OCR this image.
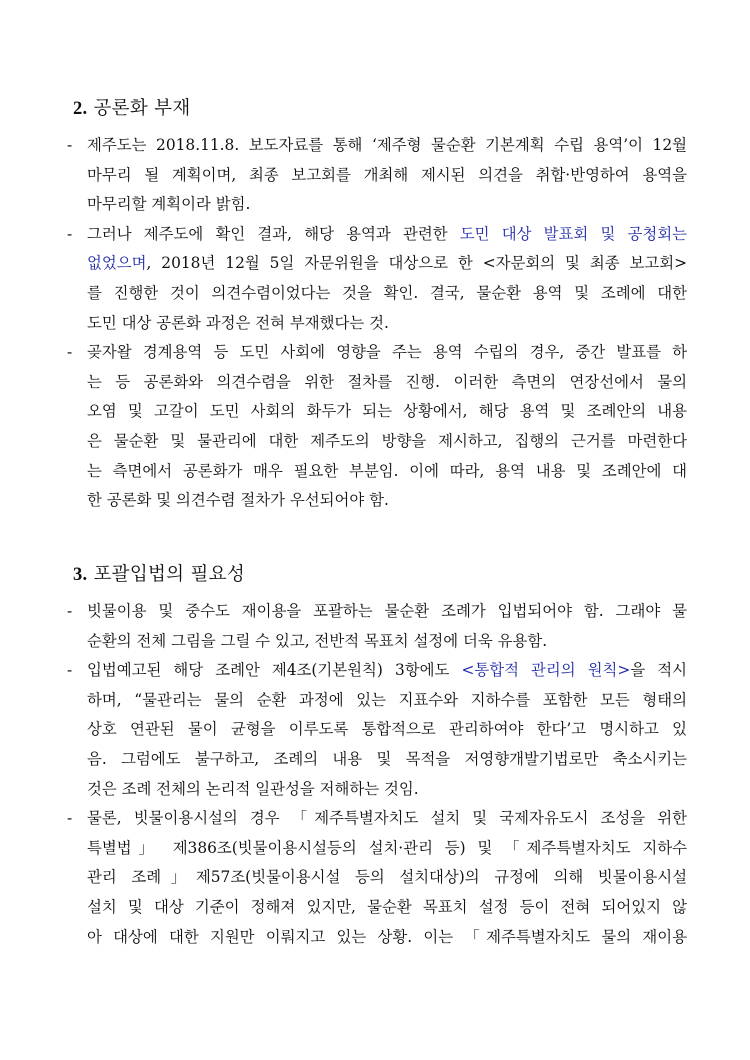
2. 공론화 부재
- 제주도는 2018.11.8. 보도자료를 통해 ‘제주형 물순환 기본계획 수립 용역’이 12월
마무리 될 계획이며, 최종 보고회를 개최해 제시된 의견을 취합·반영하여 용역을
마무리할 계획이라 밝힘.
- 그러나 제주도에 확인 결과, 해당 용역과 관련한 도민 대상 발표회 및 공청회는
없었으며, 2018년 12월 5일 자문위원을 대상으로 한 <자문회의 및 최종 보고회>
를 진행한 것이 의견수렴이었다는 것을 확인. 결국, 물순환 용역 및 조례에 대한
도민 대상 공론화 과정은 전혀 부재했다는 것.
- 곶자왈 경계용역 등 도민 사회에 영향을 주는 용역 수립의 경우, 중간 발표를 하
는 등 공론화와 의견수렴을 위한 절차를 진행. 이러한 측면의 연장선에서 물의
오염 및 고갈이 도민 사회의 화두가 되는 상황에서, 해당 용역 및 조례안의 내용
은 물순환 및 물관리에 대한 제주도의 방향을 제시하고, 집행의 근거를 마련한다
는 측면에서 공론화가 매우 필요한 부분임. 이에 따라, 용역 내용 및 조례안에 대
한 공론화 및 의견수렴 절차가 우선되어야 함.
3. 포괄입법의 필요성
- 빗물이용 및 중수도 재이용을 포괄하는 물순환 조례가 입법되어야 함. 그래야 물
순환의 전체 그림을 그릴 수 있고, 전반적 목표치 설정에 더욱 유용함.
- 입법예고된 해당 조례안 제4조(기본원칙) 3항에도 <통합적 관리의 원칙>을 적시
하며, “물관리는 물의 순환 과정에 있는 지표수와 지하수를 포함한 모든 형태의
상호 연관된 물이 균형을 이루도록 통합적으로 관리하여야 한다’고 명시하고 있
음. 그럼에도 불구하고, 조례의 내용 및 목적을 저영향개발기법로만 축소시키는
것은 조례 전체의 논리적 일관성을 저해하는 것임.
- 물론, 빗물이용시설의 경우 「제주특별자치도 설치 및 국제자유도시 조성을 위한
특별법」 제386조(빗물이용시설등의 설치·관리 등) 및 「제주특별자치도 지하수
관리 조례」제57조(빗물이용시설 등의 설치대상)의 규정에 의해 빗물이용시설
설치 및 대상 기준이 정해져 있지만, 물순환 목표치 설정 등이 전혀 되어있지 않
아 대상에 대한 지원만 이뤄지고 있는 상황. 이는 「제주특별자치도 물의 재이용
